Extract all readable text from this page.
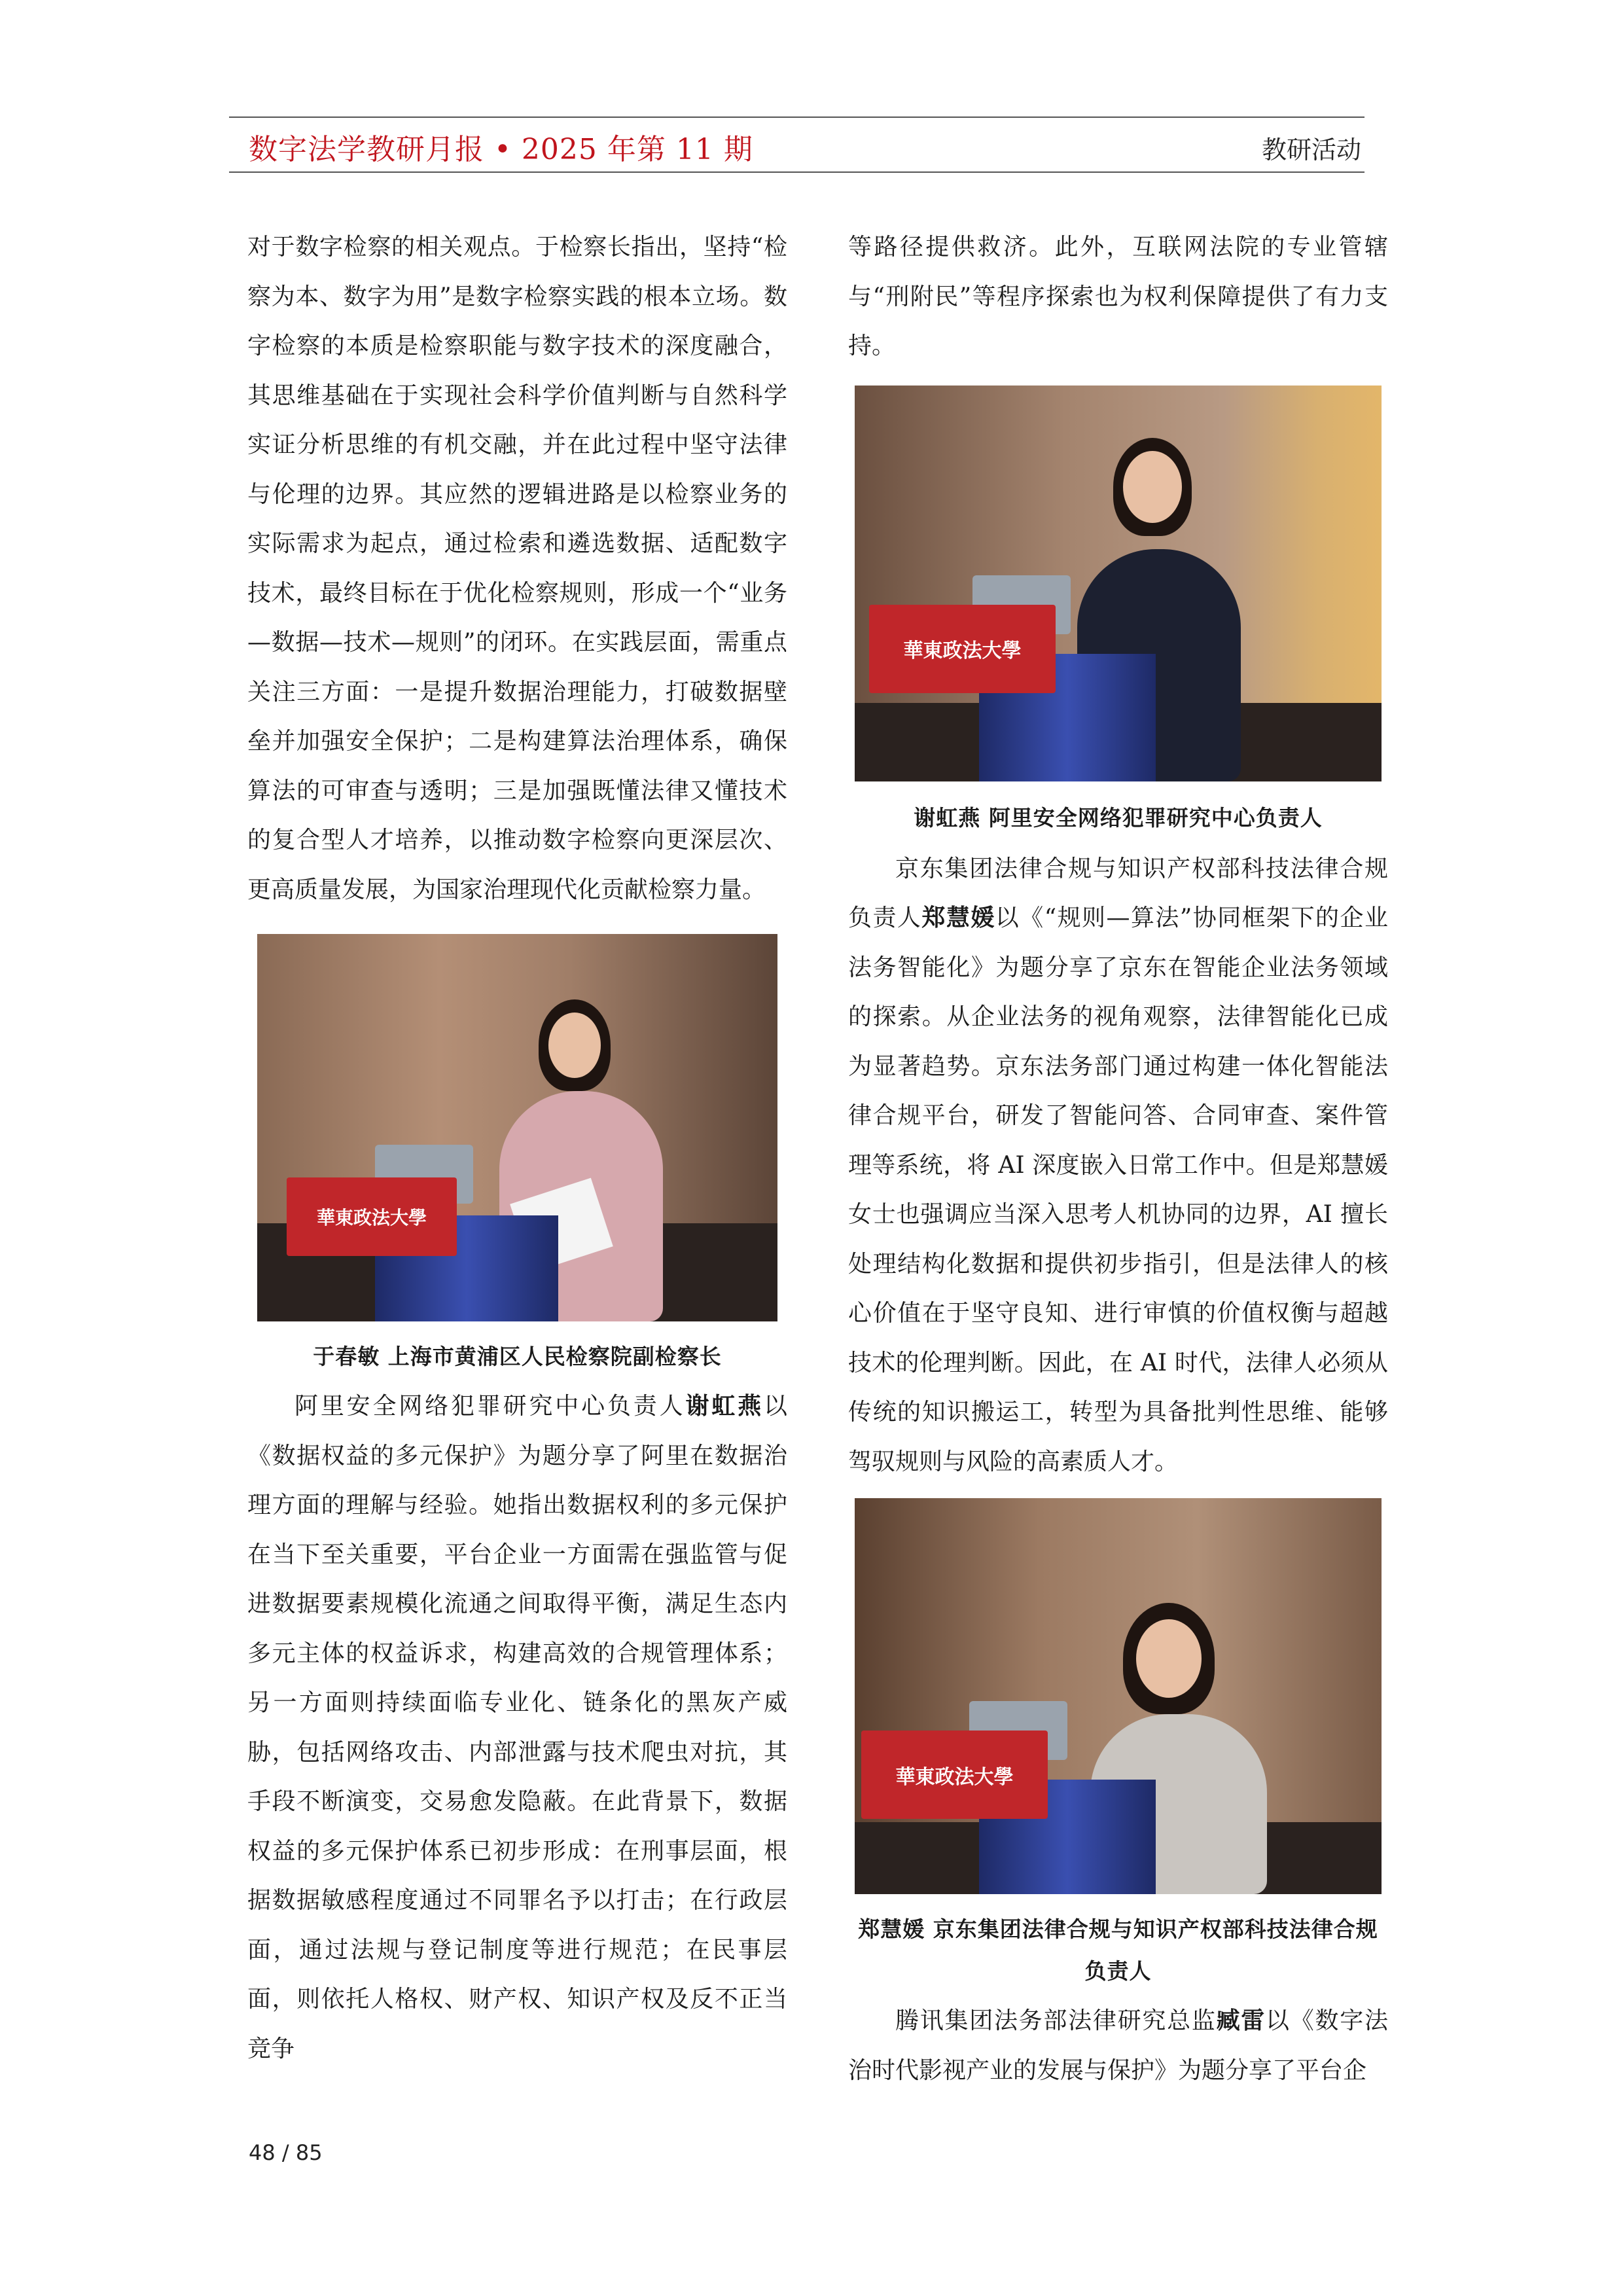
数字法学教研月报 • 2025 年第 11 期	教研活动

对于数字检察的相关观点。于检察长指出，坚持“检察为本、数字为用”是数字检察实践的根本立场。数字检察的本质是检察职能与数字技术的深度融合，其思维基础在于实现社会科学价值判断与自然科学实证分析思维的有机交融，并在此过程中坚守法律与伦理的边界。其应然的逻辑进路是以检察业务的实际需求为起点，通过检索和遴选数据、适配数字技术，最终目标在于优化检察规则，形成一个“业务—数据—技术—规则”的闭环。在实践层面，需重点关注三方面：一是提升数据治理能力，打破数据壁垒并加强安全保护；二是构建算法治理体系，确保算法的可审查与透明；三是加强既懂法律又懂技术的复合型人才培养，以推动数字检察向更深层次、更高质量发展，为国家治理现代化贡献检察力量。

華東政法大學
于春敏 上海市黄浦区人民检察院副检察长

阿里安全网络犯罪研究中心负责人谢虹燕以《数据权益的多元保护》为题分享了阿里在数据治理方面的理解与经验。她指出数据权利的多元保护在当下至关重要，平台企业一方面需在强监管与促进数据要素规模化流通之间取得平衡，满足生态内多元主体的权益诉求，构建高效的合规管理体系；另一方面则持续面临专业化、链条化的黑灰产威胁，包括网络攻击、内部泄露与技术爬虫对抗，其手段不断演变，交易愈发隐蔽。在此背景下，数据权益的多元保护体系已初步形成：在刑事层面，根据数据敏感程度通过不同罪名予以打击；在行政层面，通过法规与登记制度等进行规范；在民事层面，则依托人格权、财产权、知识产权及反不正当竞争

等路径提供救济。此外，互联网法院的专业管辖与“刑附民”等程序探索也为权利保障提供了有力支持。

華東政法大學
谢虹燕 阿里安全网络犯罪研究中心负责人

京东集团法律合规与知识产权部科技法律合规负责人郑慧媛以《“规则—算法”协同框架下的企业法务智能化》为题分享了京东在智能企业法务领域的探索。从企业法务的视角观察，法律智能化已成为显著趋势。京东法务部门通过构建一体化智能法律合规平台，研发了智能问答、合同审查、案件管理等系统，将 AI 深度嵌入日常工作中。但是郑慧媛女士也强调应当深入思考人机协同的边界，AI 擅长处理结构化数据和提供初步指引，但是法律人的核心价值在于坚守良知、进行审慎的价值权衡与超越技术的伦理判断。因此，在 AI 时代，法律人必须从传统的知识搬运工，转型为具备批判性思维、能够驾驭规则与风险的高素质人才。

華東政法大學
郑慧媛 京东集团法律合规与知识产权部科技法律合规负责人

腾讯集团法务部法律研究总监臧雷以《数字法治时代影视产业的发展与保护》为题分享了平台企

48 / 85
